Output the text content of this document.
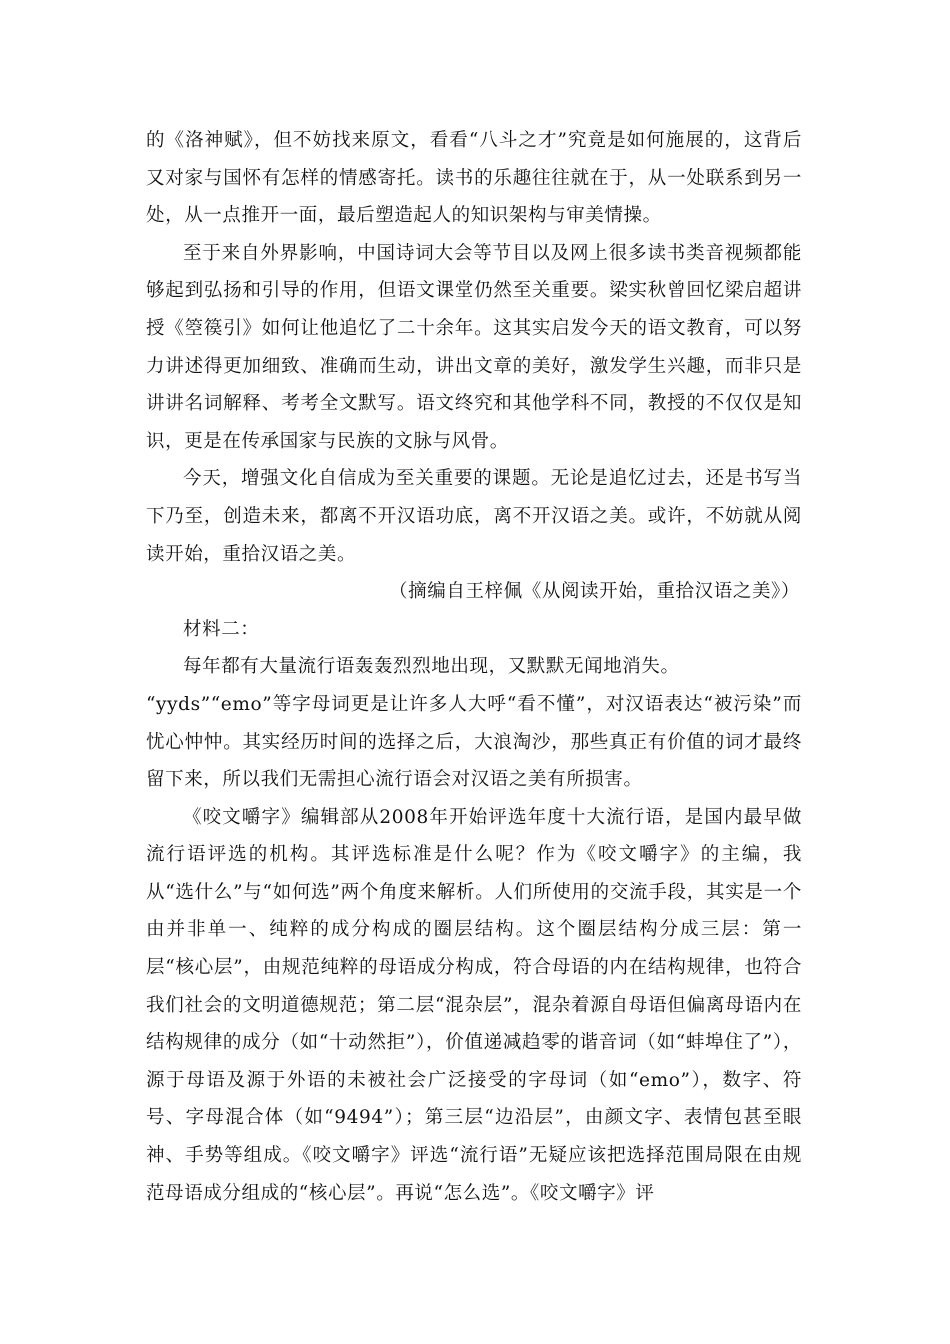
的《洛神赋》，但不妨找来原文，看看“八斗之才”究竟是如何施展的，这背后又对家与国怀有怎样的情感寄托。读书的乐趣往往就在于，从一处联系到另一处，从一点推开一面，最后塑造起人的知识架构与审美情操。

至于来自外界影响，中国诗词大会等节目以及网上很多读书类音视频都能够起到弘扬和引导的作用，但语文课堂仍然至关重要。梁实秋曾回忆梁启超讲授《箜篌引》如何让他追忆了二十余年。这其实启发今天的语文教育，可以努力讲述得更加细致、准确而生动，讲出文章的美好，激发学生兴趣，而非只是讲讲名词解释、考考全文默写。语文终究和其他学科不同，教授的不仅仅是知识，更是在传承国家与民族的文脉与风骨。

今天，增强文化自信成为至关重要的课题。无论是追忆过去，还是书写当下乃至，创造未来，都离不开汉语功底，离不开汉语之美。或许，不妨就从阅读开始，重拾汉语之美。

（摘编自王梓佩《从阅读开始，重拾汉语之美》）

材料二：

每年都有大量流行语轰轰烈烈地出现，又默默无闻地消失。

“yyds”“emo”等字母词更是让许多人大呼“看不懂”，对汉语表达“被污染”而忧心忡忡。其实经历时间的选择之后，大浪淘沙，那些真正有价值的词才最终留下来，所以我们无需担心流行语会对汉语之美有所损害。

《咬文嚼字》编辑部从2008年开始评选年度十大流行语，是国内最早做流行语评选的机构。其评选标准是什么呢？作为《咬文嚼字》的主编，我从“选什么”与“如何选”两个角度来解析。人们所使用的交流手段，其实是一个由并非单一、纯粹的成分构成的圈层结构。这个圈层结构分成三层：第一层“核心层”，由规范纯粹的母语成分构成，符合母语的内在结构规律，也符合我们社会的文明道德规范；第二层“混杂层”，混杂着源自母语但偏离母语内在结构规律的成分（如“十动然拒”），价值递减趋零的谐音词（如“蚌埠住了”），源于母语及源于外语的未被社会广泛接受的字母词（如“emo”），数字、符号、字母混合体（如“9494”）；第三层“边沿层”，由颜文字、表情包甚至眼神、手势等组成。《咬文嚼字》评选“流行语”无疑应该把选择范围局限在由规范母语成分组成的“核心层”。再说“怎么选”。《咬文嚼字》评
